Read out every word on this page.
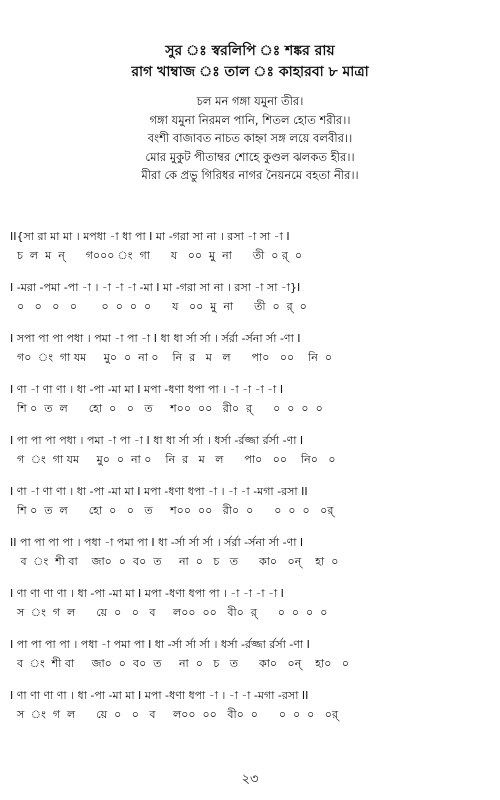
সুর ঃ স্বরলিপি ঃ শঙ্কর রায়
রাগ খাম্বাজ ঃ তাল ঃ কাহারবা ৮ মাত্রা
চল মন গঙ্গা যমুনা তীর।
গঙ্গা যমুনা নিরমল পানি, শিতল হোত শরীর।।
বংশী বাজাবত নাচত কাহ্না সঙ্গ লয়ে বলবীর।।
মোর মুকুট পীতাম্বর শোহে কুণ্ডল ঝলকত হীর।।
মীরা কে প্রভু গিরিধর নাগর নৈয়নমে বহতা নীর।।
II{সা রা মা মা । মপধা -া ধা পা I মা -গরা সা না । রসা -া সা -া I
চ  ল  ম  ন্      গ০০০ ং  গা      য   ০০  মু  না      তী  ০ র্  ০
I -মরা -পমা -পা -া । -া -া -া -মা I মা -গরা সা না । রসা -া সা -া}I
০   ০   ০   ০       ০  ০  ০  ০      য   ০০  মু  না      তী  ০  র্  ০
I সপা পা পা পধা । পমা -া পা -া I ধা ধা র্সা র্সা । র্সর্রা -র্সনা র্সা -ণা I
গ০  ং  গা যম     মু০  ০  না ০    নি  র   ম   ল      পা০   ০০    নি  ০
I ণা -া ণা ণা । ধা -পা -মা মা I মপা -ধণা ধপা পা । -া -া -া -া I
শি ০  ত  ল      হো  ০   ০   ত     শ০০  ০০   রী০  র্      ০  ০  ০  ০
I পা পা পা পধা । পমা -া পা -া I ধা ধা র্সা র্সা । ধর্সা -র্রজ্জা র্রর্সা -ণা I
গ  ং  গা যম     মু০  ০  না ০    নি  র   ম   ল      পা০   ০০    নি০   ০
I ণা -া ণা ণা । ধা -পা -মা মা I মপা -ধণা ধপা -া । -া -া -মগা -রসা II
শি ০  ত  ল      হো  ০   ০   ত     শ০০  ০০   রী০  ০      ০  ০  ০   ০র্
II পা পা পা পা । পধা -া পমা পা I ধা -র্সা র্সা র্সা । র্সর্রা -র্সনা র্সা -ণা I
ব  ং  শী বা    জা০  ০  ব০  ত     না  ০   চ   ত      কা০   ০ন্    হা  ০
I ণা ণা ণা ণা । ধা -পা -মা মা I মপা -ধণা ধপা পা । -া -া -া -া I
স  ং  গ  ল      য়ে  ০   ০   ব     ল০০  ০০   বী০  র্      ০  ০  ০  ০
I পা পা পা পা । পধা -া পমা পা I ধা -র্সা র্সা র্সা । ধর্সা -র্রজ্জা র্রর্সা -ণা I
ব  ং  শী বা     জা০  ০  ব০  ত     না  ০   চ   ত      কা০   ০ন্    হা০   ০
I ণা ণা ণা ণা । ধা -পা -মা মা I মপা -ধণা ধপা -া । -া -া -মগা -রসা II
স  ং  গ  ল      য়ে  ০   ০   ব     ল০০  ০০   বী০  ০      ০  ০  ০   ০র্
২৩
